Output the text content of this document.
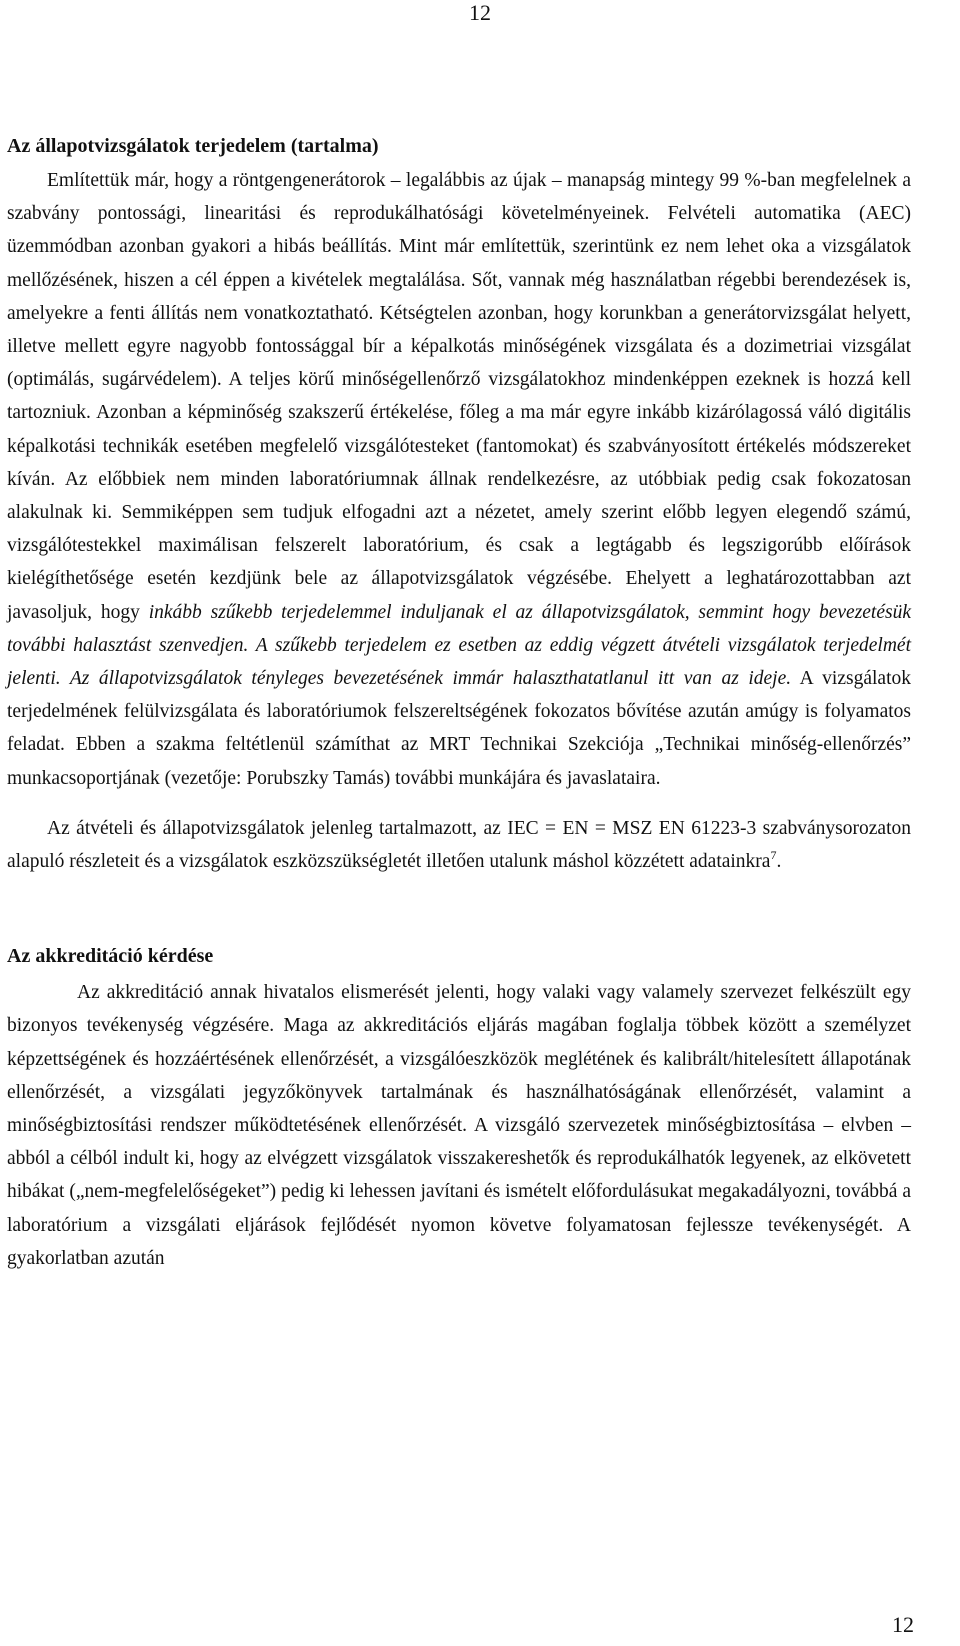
12
Az állapotvizsgálatok terjedelem (tartalma)

Említettük már, hogy a röntgengenerátorok – legalábbis az újak – manapság mintegy 99 %-ban megfelelnek a szabvány pontossági, linearitási és reprodukálhatósági követelményeinek. Felvételi automatika (AEC) üzemmódban azonban gyakori a hibás beállítás. Mint már említettük, szerintünk ez nem lehet oka a vizsgálatok mellőzésének, hiszen a cél éppen a kivételek megtalálása. Sőt, vannak még használatban régebbi berendezések is, amelyekre a fenti állítás nem vonatkoztatható. Kétségtelen azonban, hogy korunkban a generátorvizsgálat helyett, illetve mellett egyre nagyobb fontossággal bír a képalkotás minőségének vizsgálata és a dozimetriai vizsgálat (optimálás, sugárvédelem). A teljes körű minőségellenőrző vizsgálatokhoz mindenképpen ezeknek is hozzá kell tartozniuk. Azonban a képminőség szakszerű értékelése, főleg a ma már egyre inkább kizárólagossá váló digitális képalkotási technikák esetében megfelelő vizsgálótesteket (fantomokat) és szabványosított értékelés módszereket kíván. Az előbbiek nem minden laboratóriumnak állnak rendelkezésre, az utóbbiak pedig csak fokozatosan alakulnak ki. Semmiképpen sem tudjuk elfogadni azt a nézetet, amely szerint előbb legyen elegendő számú, vizsgálótestekkel maximálisan felszerelt laboratórium, és csak a legtágabb és legszigorúbb előírások kielégíthetősége esetén kezdjünk bele az állapotvizsgálatok végzésébe. Ehelyett a leghatározottabban azt javasoljuk, hogy inkább szűkebb terjedelemmel induljanak el az állapotvizsgálatok, semmint hogy bevezetésük további halasztást szenvedjen. A szűkebb terjedelem ez esetben az eddig végzett átvételi vizsgálatok terjedelmét jelenti. Az állapotvizsgálatok tényleges bevezetésének immár halaszthatatlanul itt van az ideje. A vizsgálatok terjedelmének felülvizsgálata és laboratóriumok felszereltségének fokozatos bővítése azután amúgy is folyamatos feladat. Ebben a szakma feltétlenül számíthat az MRT Technikai Szekciója „Technikai minőség-ellenőrzés” munkacsoportjának (vezetője: Porubszky Tamás) további munkájára és javaslataira.

Az átvételi és állapotvizsgálatok jelenleg tartalmazott, az IEC = EN = MSZ EN 61223-3 szabványsorozaton alapuló részleteit és a vizsgálatok eszközszükségletét illetően utalunk máshol közzétett adatainkra$^7$.

Az akkreditáció kérdése

Az akkreditáció annak hivatalos elismerését jelenti, hogy valaki vagy valamely szervezet felkészült egy bizonyos tevékenység végzésére. Maga az akkreditációs eljárás magában foglalja többek között a személyzet képzettségének és hozzáértésének ellenőrzését, a vizsgálóeszközök meglétének és kalibrált/hitelesített állapotának ellenőrzését, a vizsgálati jegyzőkönyvek tartalmának és használhatóságának ellenőrzését, valamint a minőségbiztosítási rendszer működtetésének ellenőrzését. A vizsgáló szervezetek minőségbiztosítása – elvben – abból a célból indult ki, hogy az elvégzett vizsgálatok visszakereshetők és reprodukálhatók legyenek, az elkövetett hibákat („nem-megfelelőségeket”) pedig ki lehessen javítani és ismételt előfordulásukat megakadályozni, továbbá a laboratórium a vizsgálati eljárások fejlődését nyomon követve folyamatosan fejlessze tevékenységét. A gyakorlatban azután

12
